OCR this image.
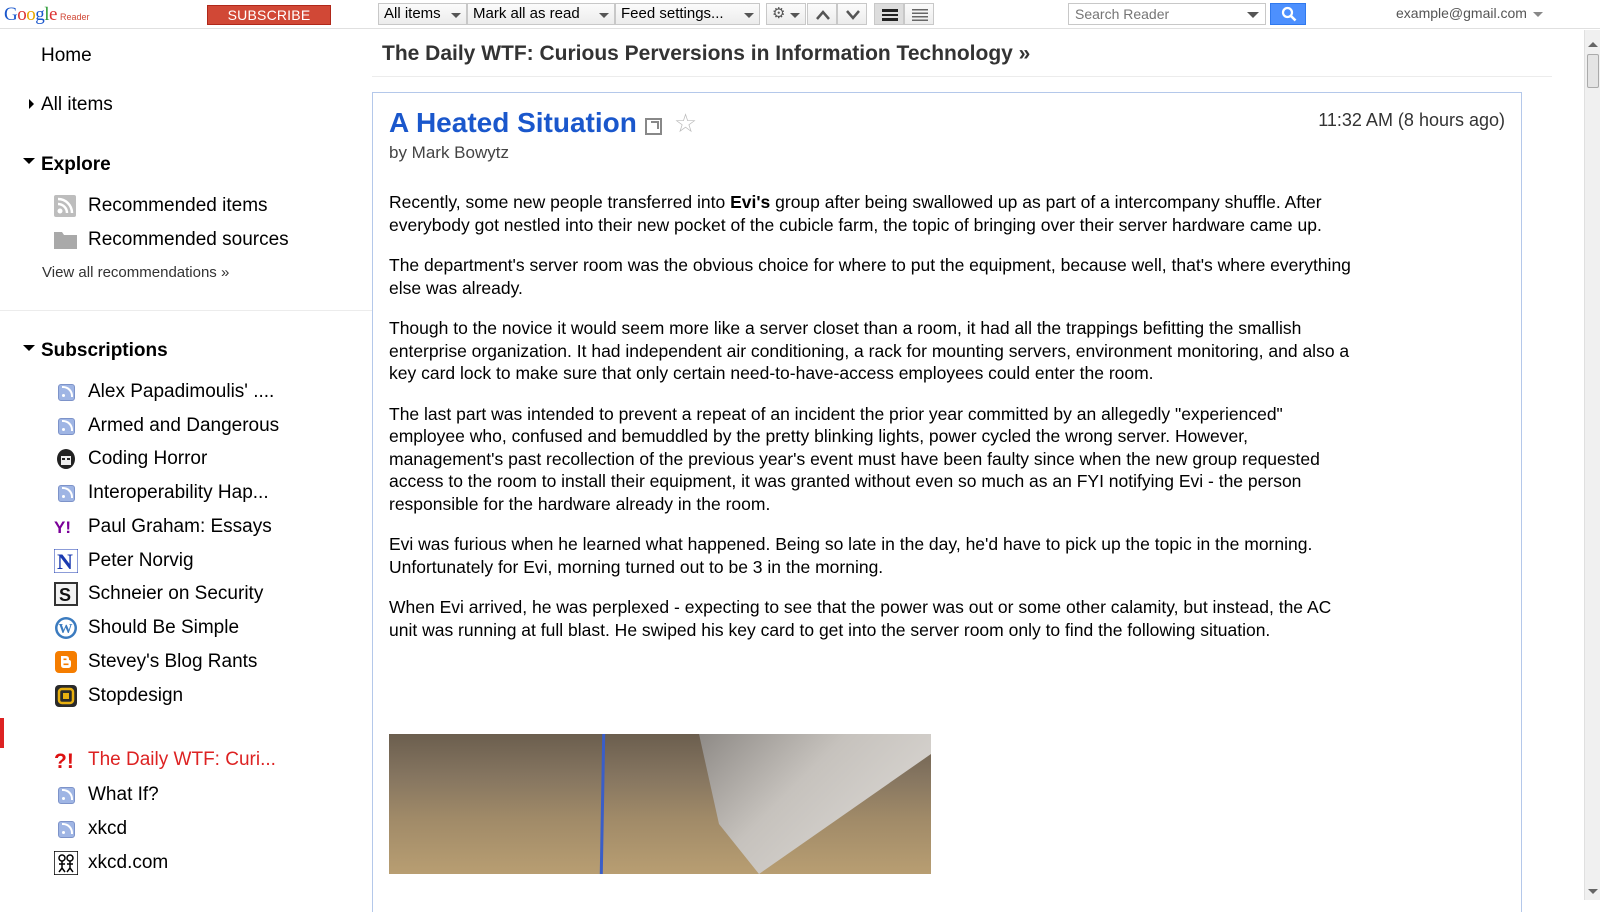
Google Reader	SUBSCRIBE	All items	Mark all as read	Feed settings...	⚙
Search Reader	example@gmail.com
Home
All items
Explore
Recommended items
Recommended sources
View all recommendations »
Subscriptions
Alex Papadimoulis' ....
Armed and Dangerous
Coding Horror
Interoperability Hap...
Y! Paul Graham: Essays
N Peter Norvig
S Schneier on Security
W Should Be Simple
Stevey's Blog Rants
Stopdesign
?! The Daily WTF: Curi...
What If?
xkcd
xkcd.com
The Daily WTF: Curious Perversions in Information Technology »
A Heated Situation ☆	11:32 AM (8 hours ago)
by Mark Bowytz

Recently, some new people transferred into Evi's group after being swallowed up as part of a intercompany shuffle. After everybody got nestled into their new pocket of the cubicle farm, the topic of bringing over their server hardware came up.

The department's server room was the obvious choice for where to put the equipment, because well, that's where everything else was already.

Though to the novice it would seem more like a server closet than a room, it had all the trappings befitting the smallish enterprise organization. It had independent air conditioning, a rack for mounting servers, environment monitoring, and also a key card lock to make sure that only certain need-to-have-access employees could enter the room.

The last part was intended to prevent a repeat of an incident the prior year committed by an allegedly "experienced" employee who, confused and bemuddled by the pretty blinking lights, power cycled the wrong server. However, management's past recollection of the previous year's event must have been faulty since when the new group requested access to the room to install their equipment, it was granted without even so much as an FYI notifying Evi - the person responsible for the hardware already in the room.

Evi was furious when he learned what happened. Being so late in the day, he'd have to pick up the topic in the morning. Unfortunately for Evi, morning turned out to be 3 in the morning.

When Evi arrived, he was perplexed - expecting to see that the power was out or some other calamity, but instead, the AC unit was running at full blast. He swiped his key card to get into the server room only to find the following situation.
